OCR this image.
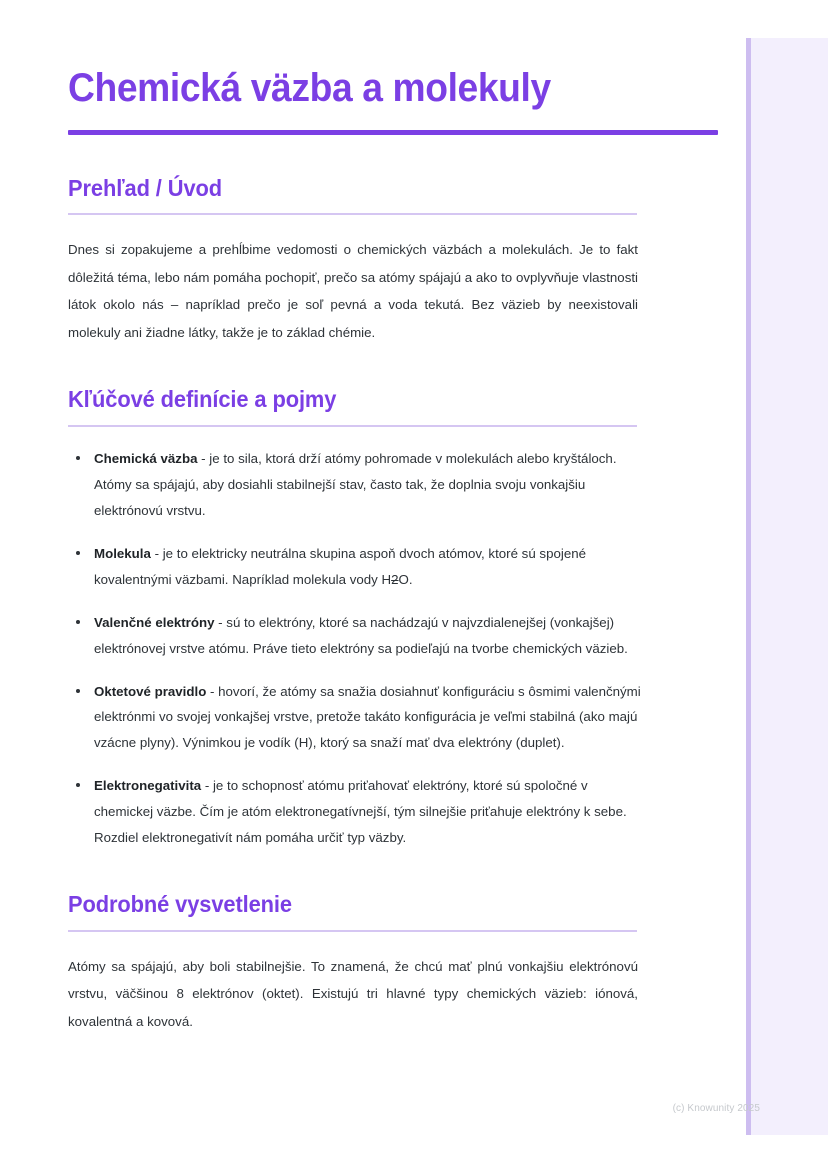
Chemická väzba a molekuly
Prehľad / Úvod

Dnes si zopakujeme a prehĺbime vedomosti o chemických väzbách a molekulách. Je to fakt dôležitá téma, lebo nám pomáha pochopiť, prečo sa atómy spájajú a ako to ovplyvňuje vlastnosti látok okolo nás – napríklad prečo je soľ pevná a voda tekutá. Bez väzieb by neexistovali molekuly ani žiadne látky, takže je to základ chémie.

Kľúčové definície a pojmy
Chemická väzba - je to sila, ktorá drží atómy pohromade v molekulách alebo kryštáloch. Atómy sa spájajú, aby dosiahli stabilnejší stav, často tak, že doplnia svoju vonkajšiu elektrónovú vrstvu.
Molekula - je to elektricky neutrálna skupina aspoň dvoch atómov, ktoré sú spojené kovalentnými väzbami. Napríklad molekula vody H2O.
Valenčné elektróny - sú to elektróny, ktoré sa nachádzajú v najvzdialenejšej (vonkajšej) elektrónovej vrstve atómu. Práve tieto elektróny sa podieľajú na tvorbe chemických väzieb.
Oktetové pravidlo - hovorí, že atómy sa snažia dosiahnuť konfiguráciu s ôsmimi valenčnými elektrónmi vo svojej vonkajšej vrstve, pretože takáto konfigurácia je veľmi stabilná (ako majú vzácne plyny). Výnimkou je vodík (H), ktorý sa snaží mať dva elektróny (duplet).
Elektronegativita - je to schopnosť atómu priťahovať elektróny, ktoré sú spoločné v chemickej väzbe. Čím je atóm elektronegatívnejší, tým silnejšie priťahuje elektróny k sebe. Rozdiel elektronegativít nám pomáha určiť typ väzby.
Podrobné vysvetlenie

Atómy sa spájajú, aby boli stabilnejšie. To znamená, že chcú mať plnú vonkajšiu elektrónovú vrstvu, väčšinou 8 elektrónov (oktet). Existujú tri hlavné typy chemických väzieb: iónová, kovalentná a kovová.

(c) Knowunity 2025
